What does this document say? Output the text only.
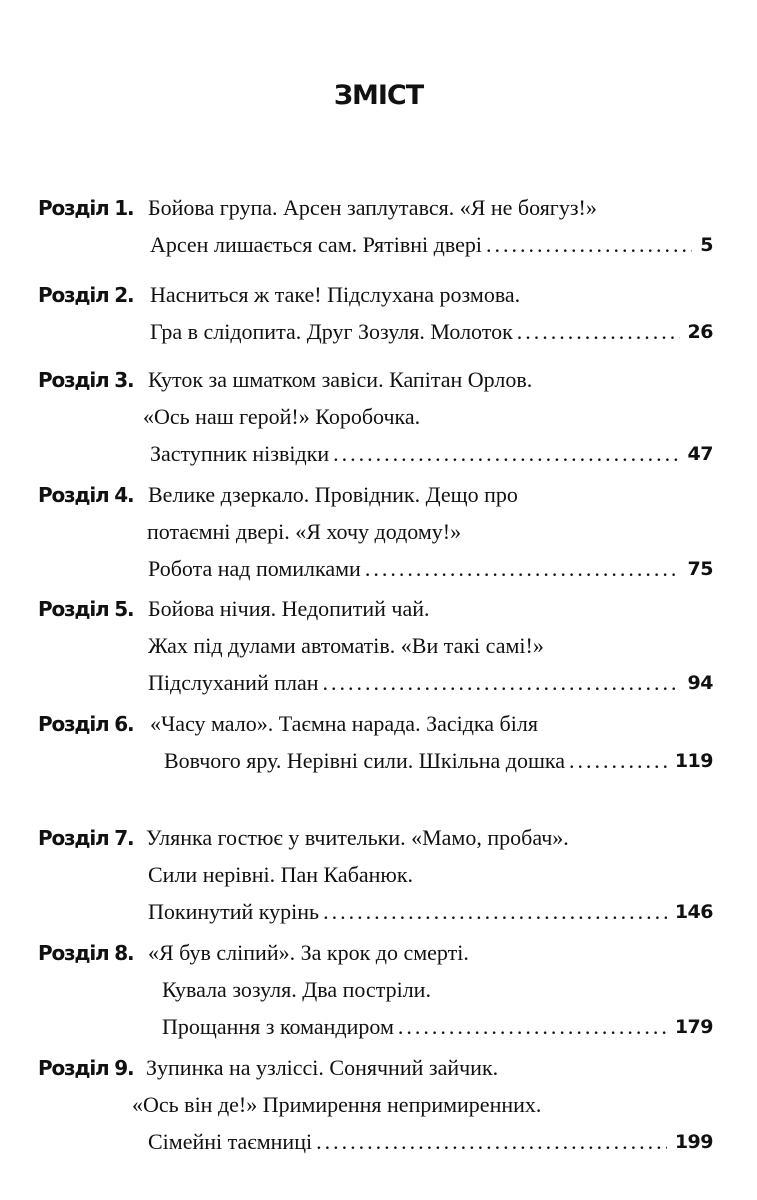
ЗМІСТ
Розділ 1. Бойова група. Арсен заплутався. «Я не боягуз!»
Арсен лишається сам. Рятівні двері .....	5
Розділ 2. Насниться ж таке! Підслухана розмова.
Гра в слідопита. Друг Зозуля. Молоток .....	26
Розділ 3. Куток за шматком завіси. Капітан Орлов.
«Ось наш герой!» Коробочка.
Заступник нізвідки .....	47
Розділ 4. Велике дзеркало. Провідник. Дещо про
потаємні двері. «Я хочу додому!»
Робота над помилками .....	75
Розділ 5. Бойова нічия. Недопитий чай.
Жах під дулами автоматів. «Ви такі самі!»
Підслуханий план .....	94
Розділ 6. «Часу мало». Таємна нарада. Засідка біля
Вовчого яру. Нерівні сили. Шкільна дошка .....	119
Розділ 7. Улянка гостює у вчительки. «Мамо, пробач».
Сили нерівні. Пан Кабанюк.
Покинутий курінь .....	146
Розділ 8. «Я був сліпий». За крок до смерті.
Кувала зозуля. Два постріли.
Прощання з командиром .....	179
Розділ 9. Зупинка на узліссі. Сонячний зайчик.
«Ось він де!» Примирення непримиренних.
Сімейні таємниці .....	199
